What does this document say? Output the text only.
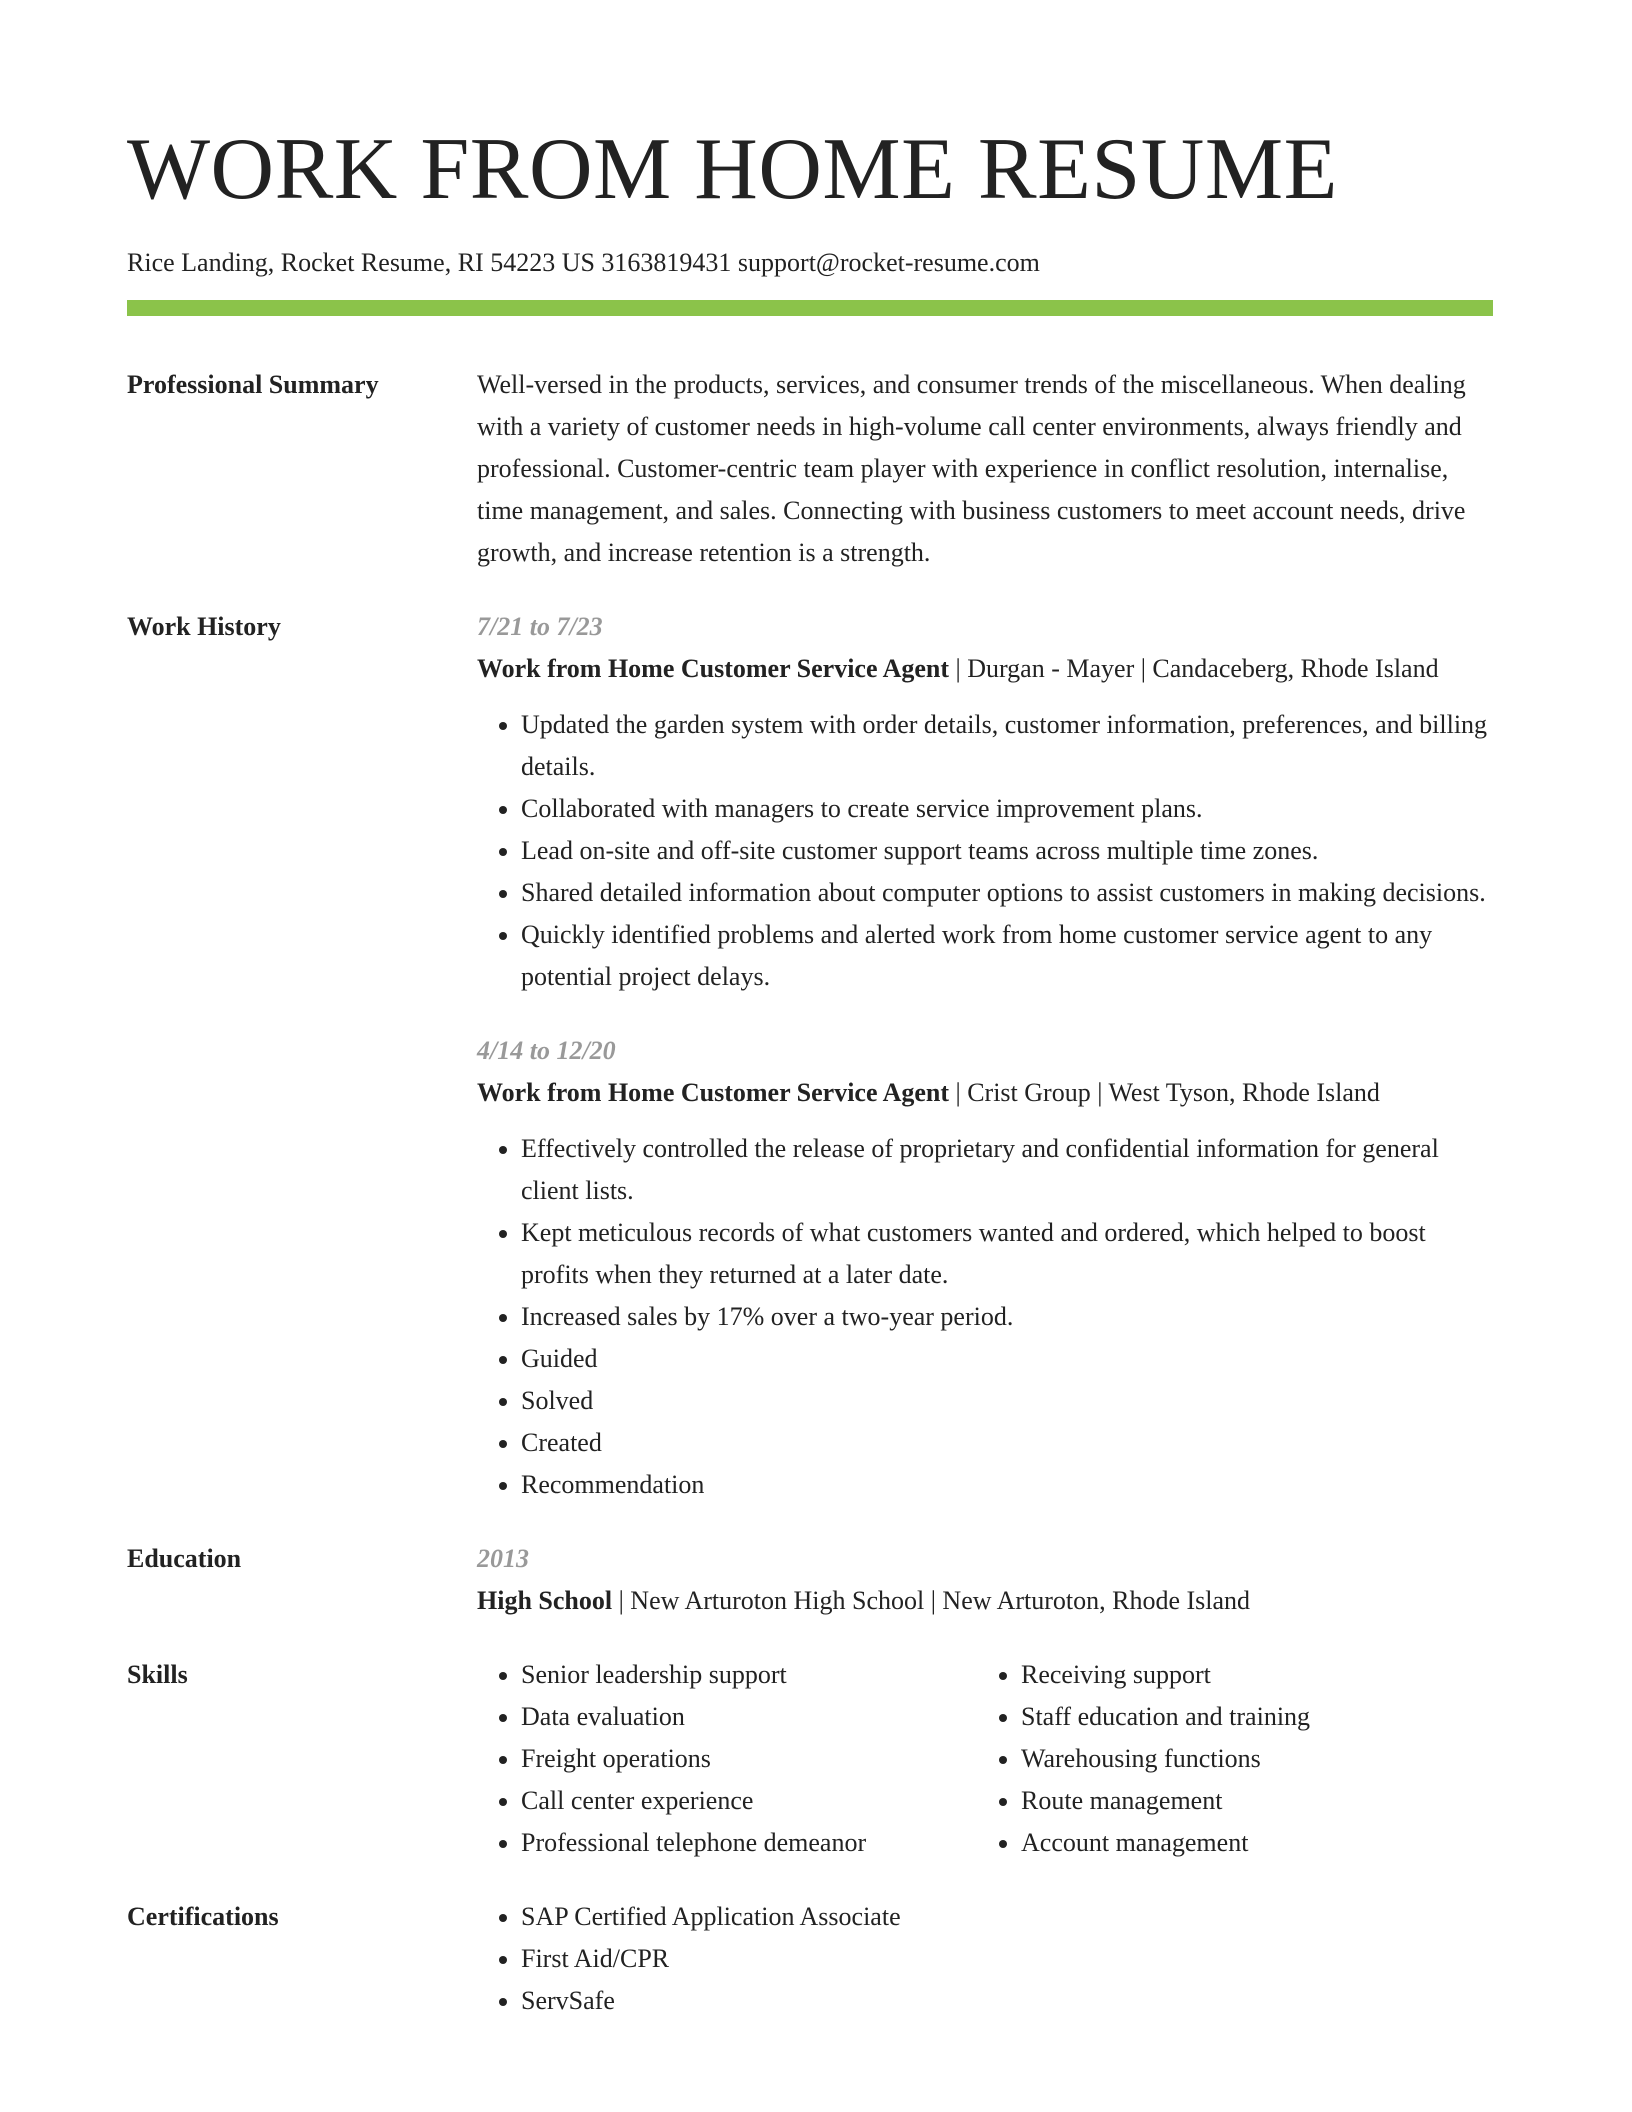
WORK FROM HOME RESUME
Rice Landing, Rocket Resume, RI 54223 US 3163819431 support@rocket-resume.com
Professional Summary	Well-versed in the products, services, and consumer trends of the miscellaneous. When dealing with a variety of customer needs in high-volume call center environments, always friendly and professional. Customer-centric team player with experience in conflict resolution, internalise, time management, and sales. Connecting with business customers to meet account needs, drive growth, and increase retention is a strength.
Work History	7/21 to 7/23
Work from Home Customer Service Agent | Durgan - Mayer | Candaceberg, Rhode Island
• Updated the garden system with order details, customer information, preferences, and billing details.
• Collaborated with managers to create service improvement plans.
• Lead on-site and off-site customer support teams across multiple time zones.
• Shared detailed information about computer options to assist customers in making decisions.
• Quickly identified problems and alerted work from home customer service agent to any potential project delays.
4/14 to 12/20
Work from Home Customer Service Agent | Crist Group | West Tyson, Rhode Island
• Effectively controlled the release of proprietary and confidential information for general client lists.
• Kept meticulous records of what customers wanted and ordered, which helped to boost profits when they returned at a later date.
• Increased sales by 17% over a two-year period.
• Guided
• Solved
• Created
• Recommendation
Education	2013
High School | New Arturoton High School | New Arturoton, Rhode Island
Skills	• Senior leadership support
• Data evaluation
• Freight operations
• Call center experience
• Professional telephone demeanor
• Receiving support
• Staff education and training
• Warehousing functions
• Route management
• Account management
Certifications	• SAP Certified Application Associate
• First Aid/CPR
• ServSafe
